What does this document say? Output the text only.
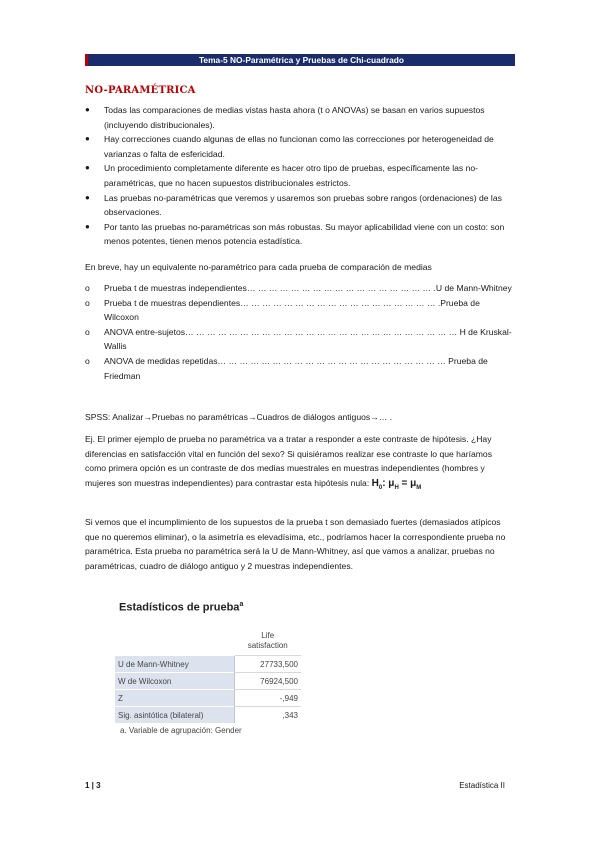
Tema-5 NO-Paramétrica y Pruebas de Chi-cuadrado
NO-PARAMÉTRICA
● Todas las comparaciones de medias vistas hasta ahora (t o ANOVAs) se basan en varios supuestos (incluyendo distribucionales).
● Hay correcciones cuando algunas de ellas no funcionan como las correcciones por heterogeneidad de varianzas o falta de esfericidad.
● Un procedimiento completamente diferente es hacer otro tipo de pruebas, específicamente las no-paramétricas, que no hacen supuestos distribucionales estrictos.
● Las pruebas no-paramétricas que veremos y usaremos son pruebas sobre rangos (ordenaciones) de las observaciones.
● Por tanto las pruebas no-paramétricas son más robustas. Su mayor aplicabilidad viene con un costo: son menos potentes, tienen menos potencia estadística.
En breve, hay un equivalente no-paramétrico para cada prueba de comparación de medias
o Prueba t de muestras independientes… … … … … … … … … … … … … … … … … .U de Mann-Whitney
o Prueba t de muestras dependientes… … … … … … … … … … … … … … … … … … .Prueba de Wilcoxon
o ANOVA entre-sujetos… … … … … … … … … … … … … … … … … … … … … … … … … H de Kruskal-Wallis
o ANOVA de medidas repetidas… … … … … … … … … … … … … … … … … … … … … Prueba de Friedman
SPSS: Analizar→Pruebas no paramétricas→Cuadros de diálogos antiguos→… .
Ej. El primer ejemplo de prueba no paramétrica va a tratar a responder a este contraste de hipótesis. ¿Hay diferencias en satisfacción vital en función del sexo? Si quisiéramos realizar ese contraste lo que haríamos como primera opción es un contraste de dos medias muestrales en muestras independientes (hombres y mujeres son muestras independientes) para contrastar esta hipótesis nula: $H_0$: $\mu_H = \mu_M$
Si vemos que el incumplimiento de los supuestos de la prueba t son demasiado fuertes (demasiados atípicos que no queremos eliminar), o la asimetría es elevadísima, etc., podríamos hacer la correspondiente prueba no paramétrica. Esta prueba no paramétrica será la U de Mann-Whitney, así que vamos a analizar, pruebas no paramétricas, cuadro de diálogo antiguo y 2 muestras independientes.
Estadísticos de prueba$^a$
	Life
satisfaction
U de Mann-Whitney	27733,500
W de Wilcoxon	76924,500
Z	-,949
Sig. asintótica (bilateral)	,343
a. Variable de agrupación: Gender
1 | 3	Estadística II
